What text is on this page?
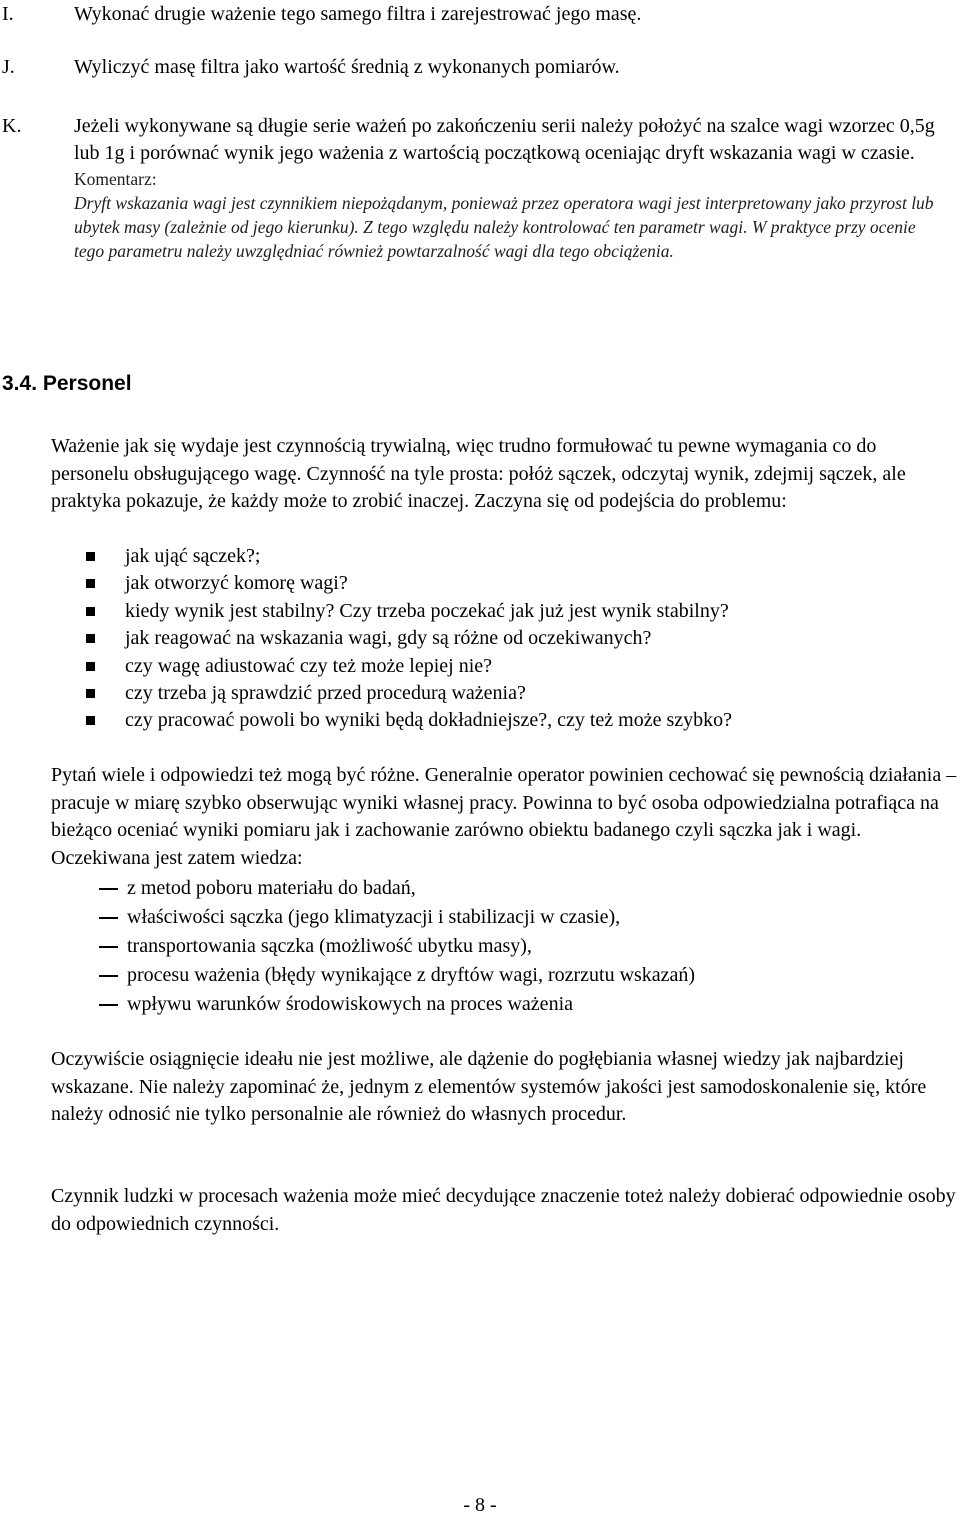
I.	Wykonać drugie ważenie tego samego filtra i zarejestrować jego masę.
J.	Wyliczyć masę filtra jako wartość średnią z wykonanych pomiarów.
K.	Jeżeli wykonywane są długie serie ważeń po zakończeniu serii należy położyć na szalce wagi wzorzec 0,5g lub 1g i porównać wynik jego ważenia z wartością początkową oceniając dryft wskazania wagi w czasie.
Komentarz:
Dryft wskazania wagi jest czynnikiem niepożądanym, ponieważ przez operatora wagi jest interpretowany jako przyrost lub ubytek masy (zależnie od jego kierunku). Z tego względu należy kontrolować ten parametr wagi. W praktyce przy ocenie tego parametru należy uwzględniać również powtarzalność wagi dla tego obciążenia.
3.4. Personel
Ważenie jak się wydaje jest czynnością trywialną, więc trudno formułować tu pewne wymagania co do personelu obsługującego wagę. Czynność na tyle prosta: połóż sączek, odczytaj wynik, zdejmij sączek, ale praktyka pokazuje, że każdy może to zrobić inaczej. Zaczyna się od podejścia do problemu:
jak ująć sączek?;
jak otworzyć komorę wagi?
kiedy wynik jest stabilny? Czy trzeba poczekać jak już jest wynik stabilny?
jak reagować na wskazania wagi, gdy są różne od oczekiwanych?
czy wagę adiustować czy też może lepiej nie?
czy trzeba ją sprawdzić przed procedurą ważenia?
czy pracować powoli bo wyniki będą dokładniejsze?, czy też może szybko?
Pytań wiele i odpowiedzi też mogą być różne. Generalnie operator powinien cechować się pewnością działania – pracuje w miarę szybko obserwując wyniki własnej pracy. Powinna to być osoba odpowiedzialna potrafiąca na bieżąco oceniać wyniki pomiaru jak i zachowanie zarówno obiektu badanego czyli sączka jak i wagi. Oczekiwana jest zatem wiedza:
z metod poboru materiału do badań,
właściwości sączka (jego klimatyzacji i stabilizacji w czasie),
transportowania sączka (możliwość ubytku masy),
procesu ważenia (błędy wynikające z dryftów wagi, rozrzutu wskazań)
wpływu warunków środowiskowych na proces ważenia
Oczywiście osiągnięcie ideału nie jest możliwe, ale dążenie do pogłębiania własnej wiedzy jak najbardziej wskazane. Nie należy zapominać że, jednym z elementów systemów jakości jest samodoskonalenie się, które należy odnosić nie tylko personalnie ale również do własnych procedur.
Czynnik ludzki w procesach ważenia może mieć decydujące znaczenie toteż należy dobierać odpowiednie osoby do odpowiednich czynności.
- 8 -
